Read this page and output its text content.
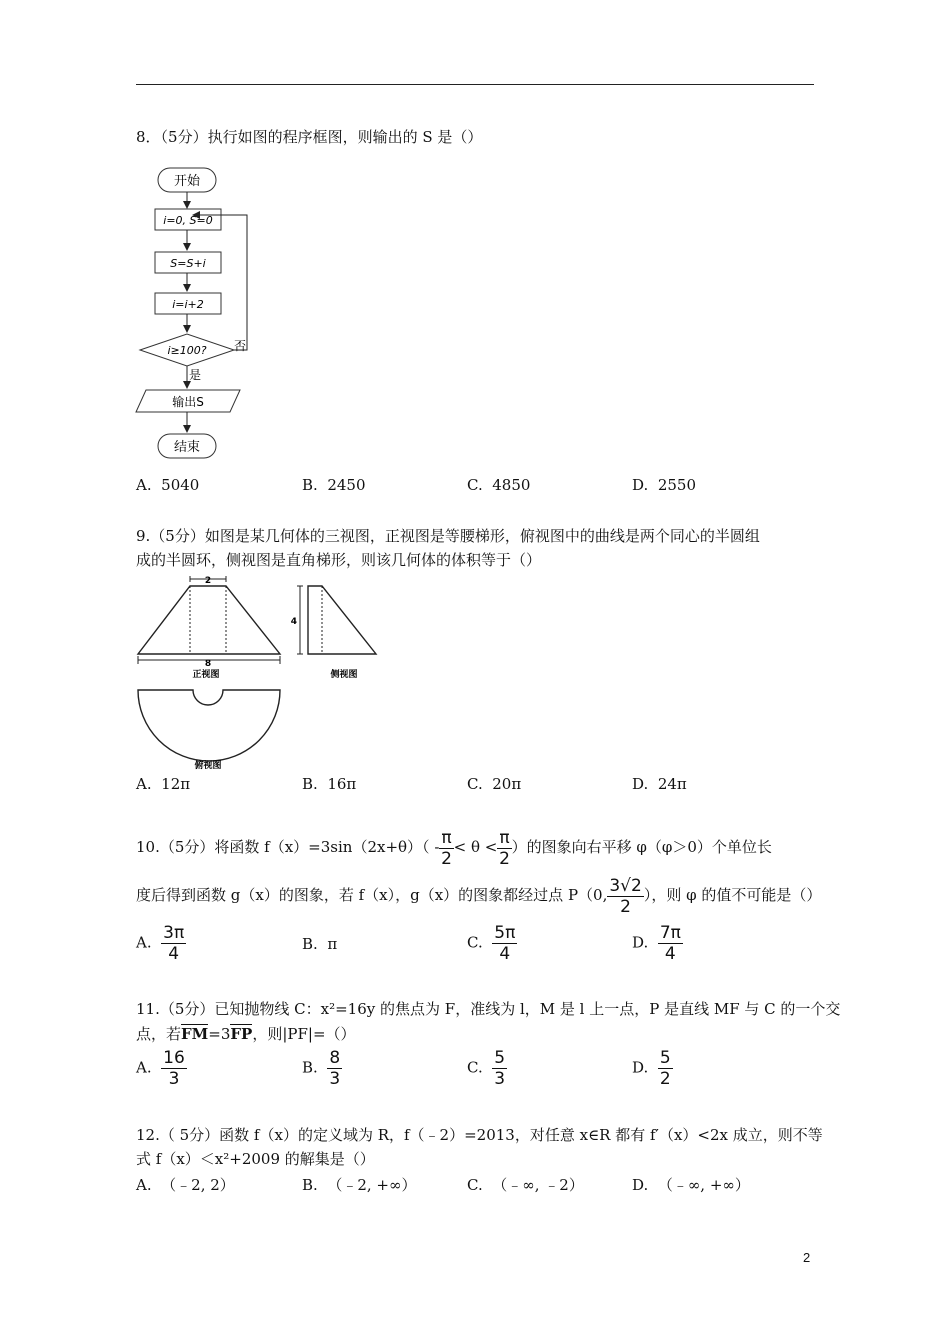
8．（5分）执行如图的程序框图，则输出的 S 是（）
开始
i=0, S=0
S=S+i
i=i+2
i≥100? 否
是
输出S
结束
A. 5040	B. 2450	C. 4850	D. 2550
9.（5分）如图是某几何体的三视图，正视图是等腰梯形，俯视图中的曲线是两个同心的半圆组
成的半圆环，侧视图是直角梯形，则该几何体的体积等于（）
2
8
正视图
4
侧视图
俯视图
A. 12π	B. 16π	C. 20π	D. 24π
10.（5分）将函数 $f(x)=3\sin(2x+\theta)( - \frac{\pi}{2} < \theta < \frac{\pi}{2}$ ）的图象向右平移 φ（φ＞0）个单位长
度后得到函数 g（x）的图象，若 f（x），g（x）的图象都经过点 P（0, $\frac{3√2}{2}$ ），则 φ 的值不可能是（）
A. $\frac{3\pi}{4}$	B. π	C. $\frac{5\pi}{4}$	D. $\frac{7\pi}{4}$
11.（5分）已知抛物线 C：x²=16y 的焦点为 F，准线为 l，M 是 l 上一点，P 是直线 MF 与 C 的一个交
点，若FM=3FP，则|PF|=（）
A. $\frac{16}{3}$	B. $\frac{8}{3}$	C. $\frac{5}{3}$	D. $\frac{5}{2}$
12.（ 5分）函数 f（x）的定义域为 R，f（﹣2）=2013，对任意 x∈R 都有 f′（x）<2x 成立，则不等
式 f（x）＜x²+2009 的解集是（）
A. （﹣2, 2）	B. （﹣2, +∞）	C. （﹣∞, ﹣2）	D. （﹣∞, +∞）
2
